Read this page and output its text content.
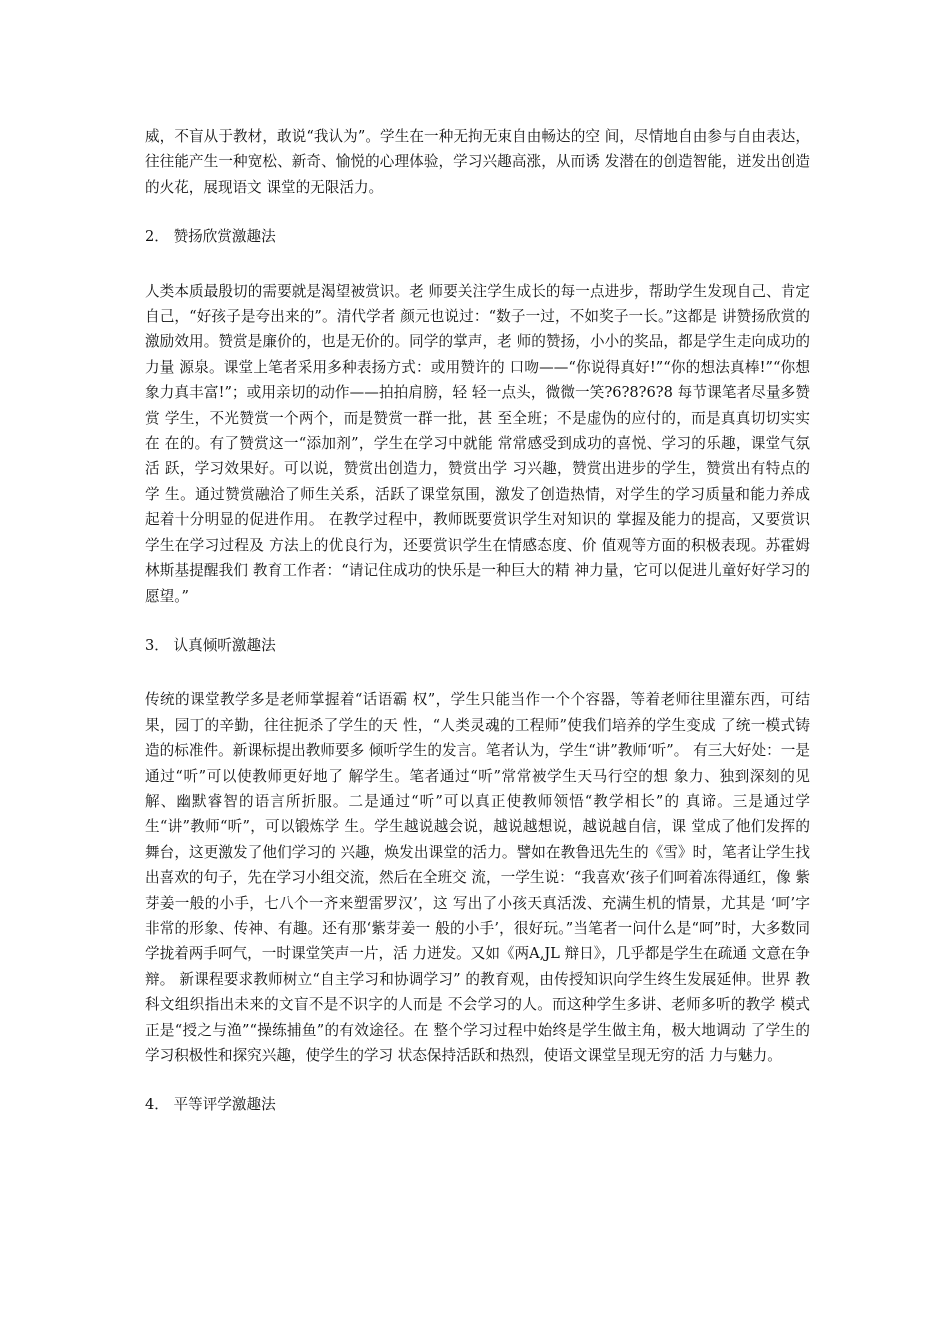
威，不盲从于教材，敢说“我认为”。学生在一种无拘无束自由畅达的空 间，尽情地自由参与自由表达，往往能产生一种宽松、新奇、愉悦的心理体验，学习兴趣高涨，从而诱 发潜在的创造智能，迸发出创造的火花，展现语文 课堂的无限活力。

2． 赞扬欣赏激趣法

人类本质最殷切的需要就是渴望被赏识。老 师要关注学生成长的每一点进步，帮助学生发现自己、肯定自己，“好孩子是夸出来的”。清代学者 颜元也说过：“数子一过，不如奖子一长。”这都是 讲赞扬欣赏的激励效用。赞赏是廉价的，也是无价的。同学的掌声，老 师的赞扬，小小的奖品，都是学生走向成功的力量 源泉。课堂上笔者采用多种表扬方式：或用赞许的 口吻——“你说得真好!”“你的想法真棒!”“你想 象力真丰富!”；或用亲切的动作——拍拍肩膀，轻 轻一点头，微微一笑?6?8?6?8 每节课笔者尽量多赞赏 学生，不光赞赏一个两个，而是赞赏一群一批，甚 至全班；不是虚伪的应付的，而是真真切切实实在 在的。有了赞赏这一“添加剂”，学生在学习中就能 常常感受到成功的喜悦、学习的乐趣，课堂气氛活 跃，学习效果好。可以说，赞赏出创造力，赞赏出学 习兴趣，赞赏出进步的学生，赞赏出有特点的学 生。通过赞赏融洽了师生关系，活跃了课堂氛围，激发了创造热情，对学生的学习质量和能力养成 起着十分明显的促进作用。 在教学过程中，教师既要赏识学生对知识的 掌握及能力的提高，又要赏识学生在学习过程及 方法上的优良行为，还要赏识学生在情感态度、价 值观等方面的积极表现。苏霍姆林斯基提醒我们 教育工作者：“请记住成功的快乐是一种巨大的精 神力量，它可以促进儿童好好学习的愿望。”

3． 认真倾听激趣法

传统的课堂教学多是老师掌握着“话语霸 权”，学生只能当作一个个容器，等着老师往里灌东西，可结果，园丁的辛勤，往往扼杀了学生的天 性，“人类灵魂的工程师”使我们培养的学生变成 了统一模式铸造的标准件。新课标提出教师要多 倾听学生的发言。笔者认为，学生“讲”教师‘听”。 有三大好处：一是通过“听”可以使教师更好地了 解学生。笔者通过“听”常常被学生天马行空的想 象力、独到深刻的见解、幽默睿智的语言所折服。二是通过“听”可以真正使教师领悟“教学相长”的 真谛。三是通过学生“讲”教师“听”，可以锻炼学 生。学生越说越会说，越说越想说，越说越自信，课 堂成了他们发挥的舞台，这更激发了他们学习的 兴趣，焕发出课堂的活力。譬如在教鲁迅先生的《雪》时，笔者让学生找 出喜欢的句子，先在学习小组交流，然后在全班交 流，一学生说：“我喜欢‘孩子们呵着冻得通红，像 紫芽姜一般的小手，七八个一齐来塑雷罗汉’，这 写出了小孩天真活泼、充满生机的情景，尤其是 ‘呵’字非常的形象、传神、有趣。还有那‘紫芽姜一 般的小手’，很好玩。”当笔者一问什么是“呵”时，大多数同学拢着两手呵气，一时课堂笑声一片，活 力迸发。又如《两A,JL 辩日》，几乎都是学生在疏通 文意在争辩。 新课程要求教师树立“自主学习和协调学习” 的教育观，由传授知识向学生终生发展延伸。世界 教科文组织指出未来的文盲不是不识字的人而是 不会学习的人。而这种学生多讲、老师多听的教学 模式正是“授之与渔”“操练捕鱼”的有效途径。在 整个学习过程中始终是学生做主角，极大地调动 了学生的学习积极性和探究兴趣，使学生的学习 状态保持活跃和热烈，使语文课堂呈现无穷的活 力与魅力。

4． 平等评学激趣法
